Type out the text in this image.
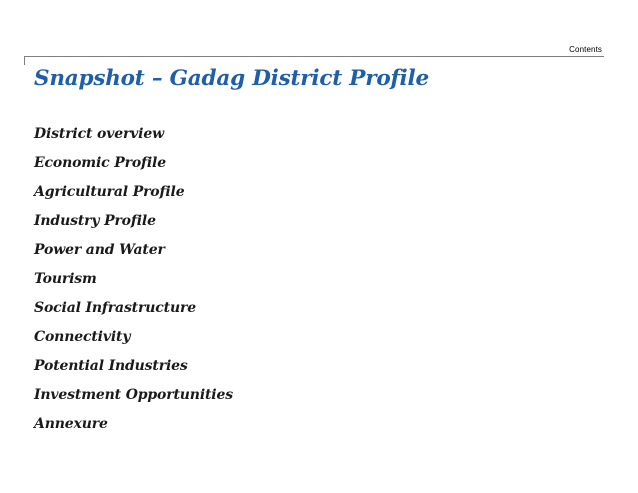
Contents
Snapshot – Gadag District Profile
District overview
Economic Profile
Agricultural Profile
Industry Profile
Power and Water
Tourism
Social Infrastructure
Connectivity
Potential Industries
Investment Opportunities
Annexure
